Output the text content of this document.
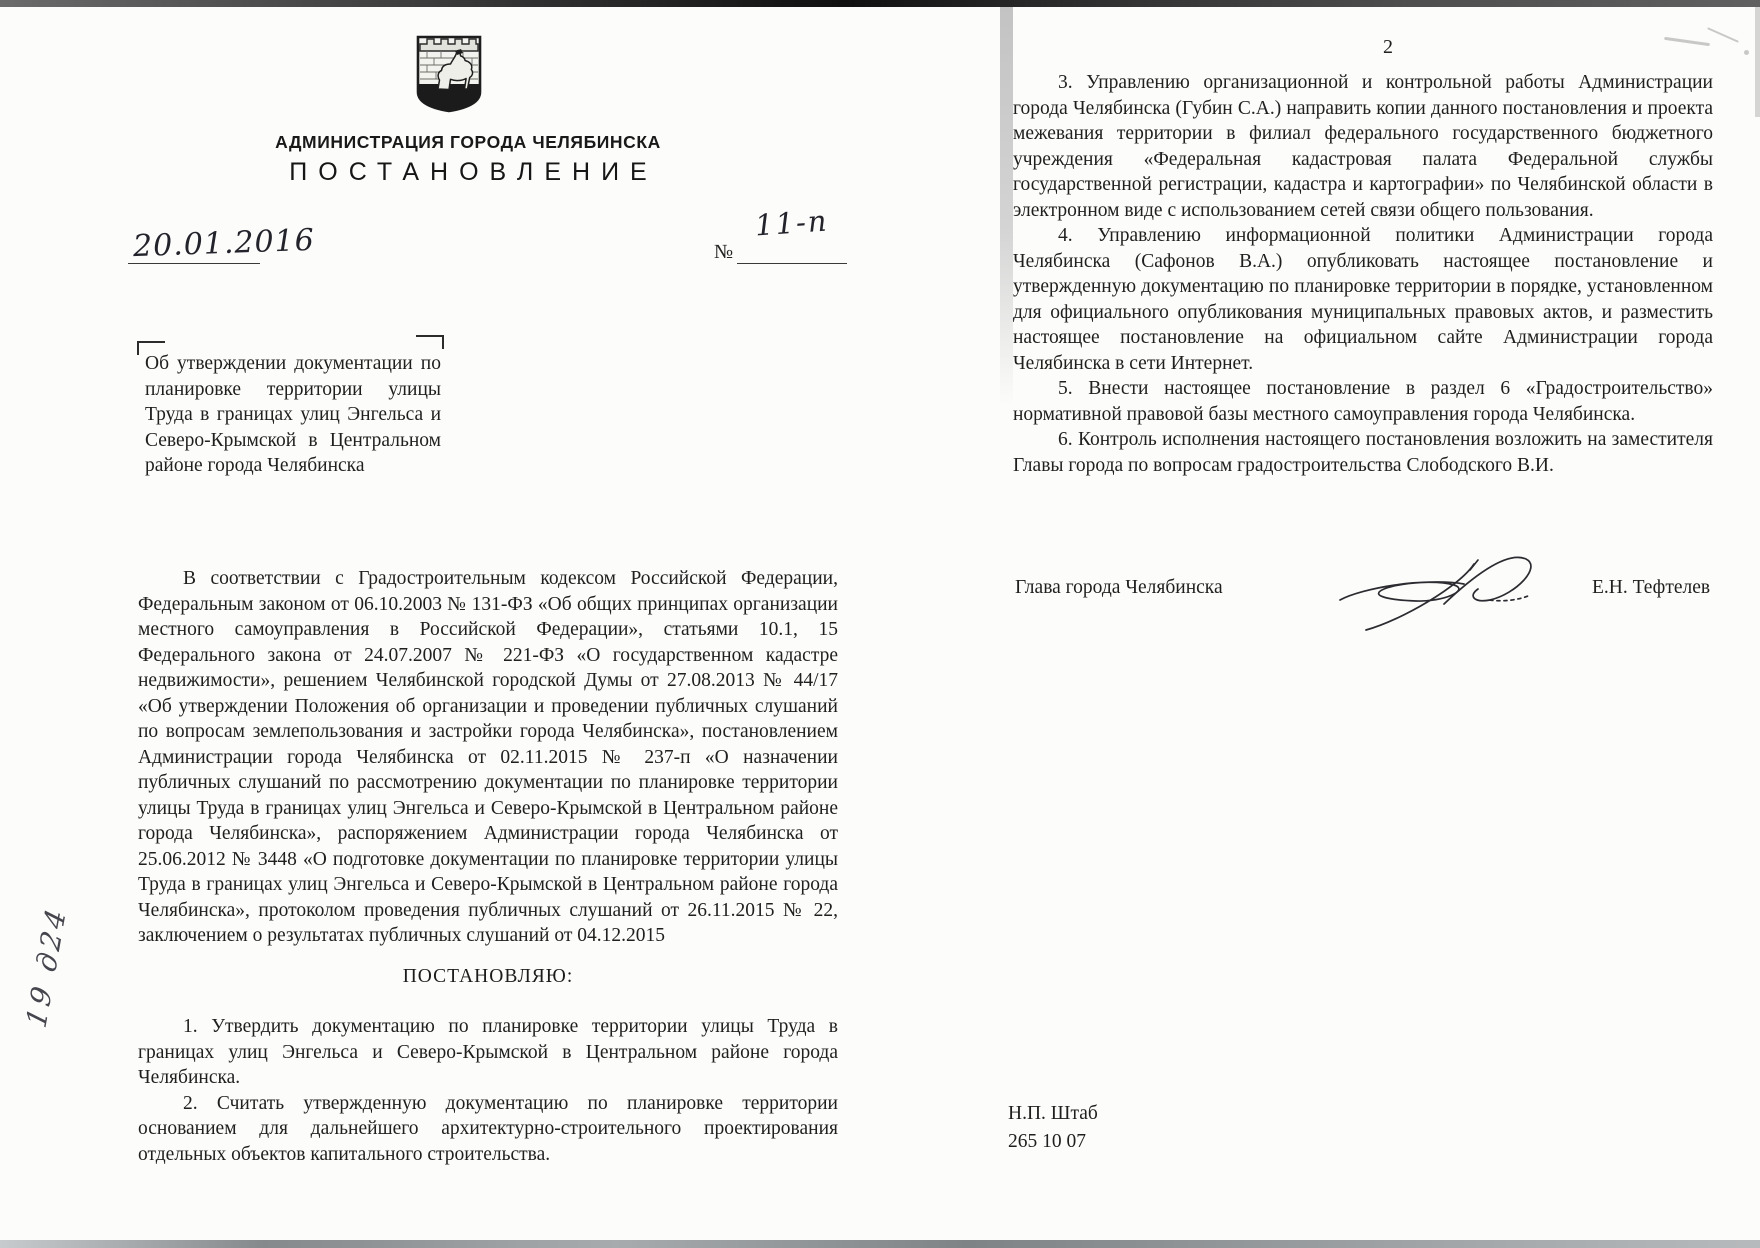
АДМИНИСТРАЦИЯ ГОРОДА ЧЕЛЯБИНСКА
ПОСТАНОВЛЕНИЕ
20.01.2016	№
11-п

Об утверждении документации по планировке территории улицы Труда в границах улиц Энгельса и Северо-Крымской в Центральном районе города Челябинска

В соответствии с Градостроительным кодексом Российской Федерации, Федеральным законом от 06.10.2003 № 131-ФЗ «Об общих принципах организации местного самоуправления в Российской Федерации», статьями 10.1, 15 Федерального закона от 24.07.2007 № 221-ФЗ «О государственном кадастре недвижимости», решением Челябинской городской Думы от 27.08.2013 № 44/17 «Об утверждении Положения об организации и проведении публичных слушаний по вопросам землепользования и застройки города Челябинска», постановлением Администрации города Челябинска от 02.11.2015 № 237-п «О назначении публичных слушаний по рассмотрению документации по планировке территории улицы Труда в границах улиц Энгельса и Северо-Крымской в Центральном районе города Челябинска», распоряжением Администрации города Челябинска от 25.06.2012 № 3448 «О подготовке документации по планировке территории улицы Труда в границах улиц Энгельса и Северо-Крымской в Центральном районе города Челябинска», протоколом проведения публичных слушаний от 26.11.2015 № 22, заключением о результатах публичных слушаний от 04.12.2015

ПОСТАНОВЛЯЮ:

1. Утвердить документацию по планировке территории улицы Труда в границах улиц Энгельса и Северо-Крымской в Центральном районе города Челябинска.

2. Считать утвержденную документацию по планировке территории основанием для дальнейшего архитектурно-строительного проектирования отдельных объектов капитального строительства.

19 д24
2

3. Управлению организационной и контрольной работы Администрации города Челябинска (Губин С.А.) направить копии данного постановления и проекта межевания территории в филиал федерального государственного бюджетного учреждения «Федеральная кадастровая палата Федеральной службы государственной регистрации, кадастра и картографии» по Челябинской области в электронном виде с использованием сетей связи общего пользования.

4. Управлению информационной политики Администрации города Челябинска (Сафонов В.А.) опубликовать настоящее постановление и утвержденную документацию по планировке территории в порядке, установленном для официального опубликования муниципальных правовых актов, и разместить настоящее постановление на официальном сайте Администрации города Челябинска в сети Интернет.

5. Внести настоящее постановление в раздел 6 «Градостроительство» нормативной правовой базы местного самоуправления города Челябинска.

6. Контроль исполнения настоящего постановления возложить на заместителя Главы города по вопросам градостроительства Слободского В.И.

Глава города Челябинска	Е.Н. Тефтелев
Н.П. Штаб
265 10 07
